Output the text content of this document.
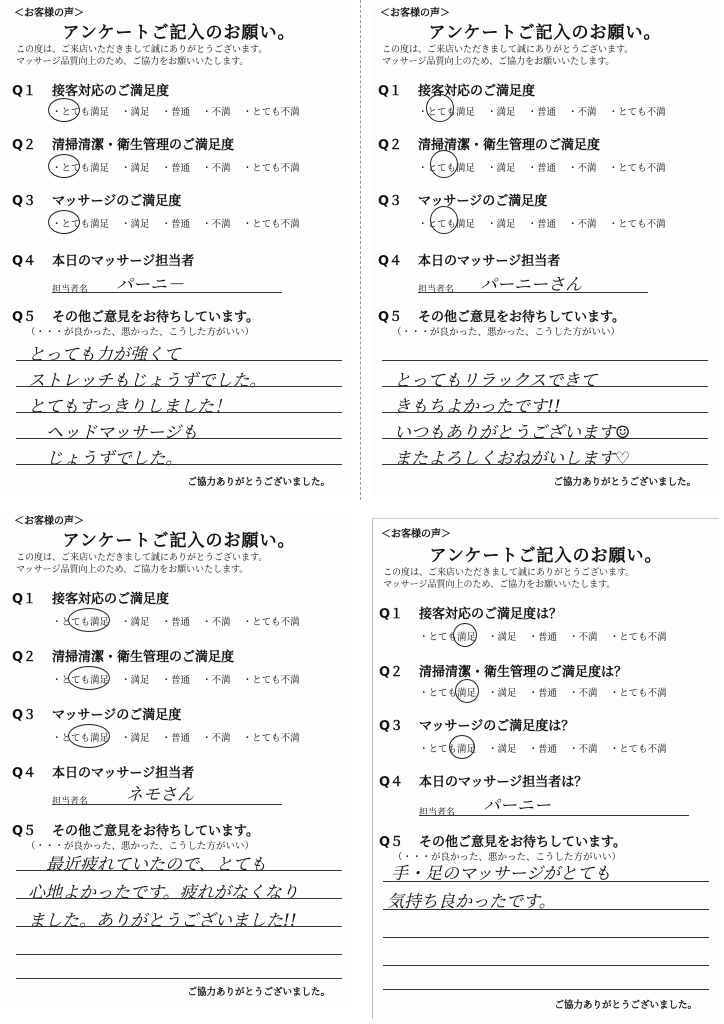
＜お客様の声＞
アンケートご記入のお願い。
この度は、ご来店いただきまして誠にありがとうございます。
マッサージ品質向上のため、ご協力をお願いいたします。
Q１ 接客対応のご満足度
・とても満足 ・満足 ・普通 ・不満 ・とても不満
Q２ 清掃清潔・衛生管理のご満足度
・とても満足 ・満足 ・普通 ・不満 ・とても不満
Q３ マッサージのご満足度
・とても満足 ・満足 ・普通 ・不満 ・とても不満
Q４ 本日のマッサージ担当者
担当者名 パーニ－
Q５ その他ご意見をお待ちしています。
（・・・が良かった、悪かった、こうした方がいい）
とっても力が強くて
ストレッチもじょうずでした。
とてもすっきりしました！
ヘッドマッサージも
じょうずでした。
ご協力ありがとうございました。
＜お客様の声＞
アンケートご記入のお願い。
この度は、ご来店いただきまして誠にありがとうございます。
マッサージ品質向上のため、ご協力をお願いいたします。
Q１ 接客対応のご満足度
・とても満足 ・満足 ・普通 ・不満 ・とても不満
Q２ 清掃清潔・衛生管理のご満足度
・とても満足 ・満足 ・普通 ・不満 ・とても不満
Q３ マッサージのご満足度
・とても満足 ・満足 ・普通 ・不満 ・とても不満
Q４ 本日のマッサージ担当者
担当者名 パーニーさん
Q５ その他ご意見をお待ちしています。
（・・・が良かった、悪かった、こうした方がいい）
とってもリラックスできて
きもちよかったです!!
いつもありがとうございます☺
またよろしくおねがいします♡
ご協力ありがとうございました。
＜お客様の声＞
アンケートご記入のお願い。
この度は、ご来店いただきまして誠にありがとうございます。
マッサージ品質向上のため、ご協力をお願いいたします。
Q１ 接客対応のご満足度
・とても満足 ・満足 ・普通 ・不満 ・とても不満
Q２ 清掃清潔・衛生管理のご満足度
・とても満足 ・満足 ・普通 ・不満 ・とても不満
Q３ マッサージのご満足度
・とても満足 ・満足 ・普通 ・不満 ・とても不満
Q４ 本日のマッサージ担当者
担当者名 ネモさん
Q５ その他ご意見をお待ちしています。
（・・・が良かった、悪かった、こうした方がいい）
最近疲れていたので、とても
心地よかったです。疲れがなくなり
ました。ありがとうございました!!
ご協力ありがとうございました。
＜お客様の声＞
アンケートご記入のお願い。
この度は、ご来店いただきまして誠にありがとうございます。
マッサージ品質向上のため、ご協力をお願いいたします。
Q１ 接客対応のご満足度は？
・とても満足 ・満足 ・普通 ・不満 ・とても不満
Q２ 清掃清潔・衛生管理のご満足度は？
・とても満足 ・満足 ・普通 ・不満 ・とても不満
Q３ マッサージのご満足度は？
・とても満足 ・満足 ・普通 ・不満 ・とても不満
Q４ 本日のマッサージ担当者は？
担当者名 パーニー
Q５ その他ご意見をお待ちしています。
（・・・が良かった、悪かった、こうした方がいい）
手・足のマッサージがとても
気持ち良かったです。
ご協力ありがとうございました。
